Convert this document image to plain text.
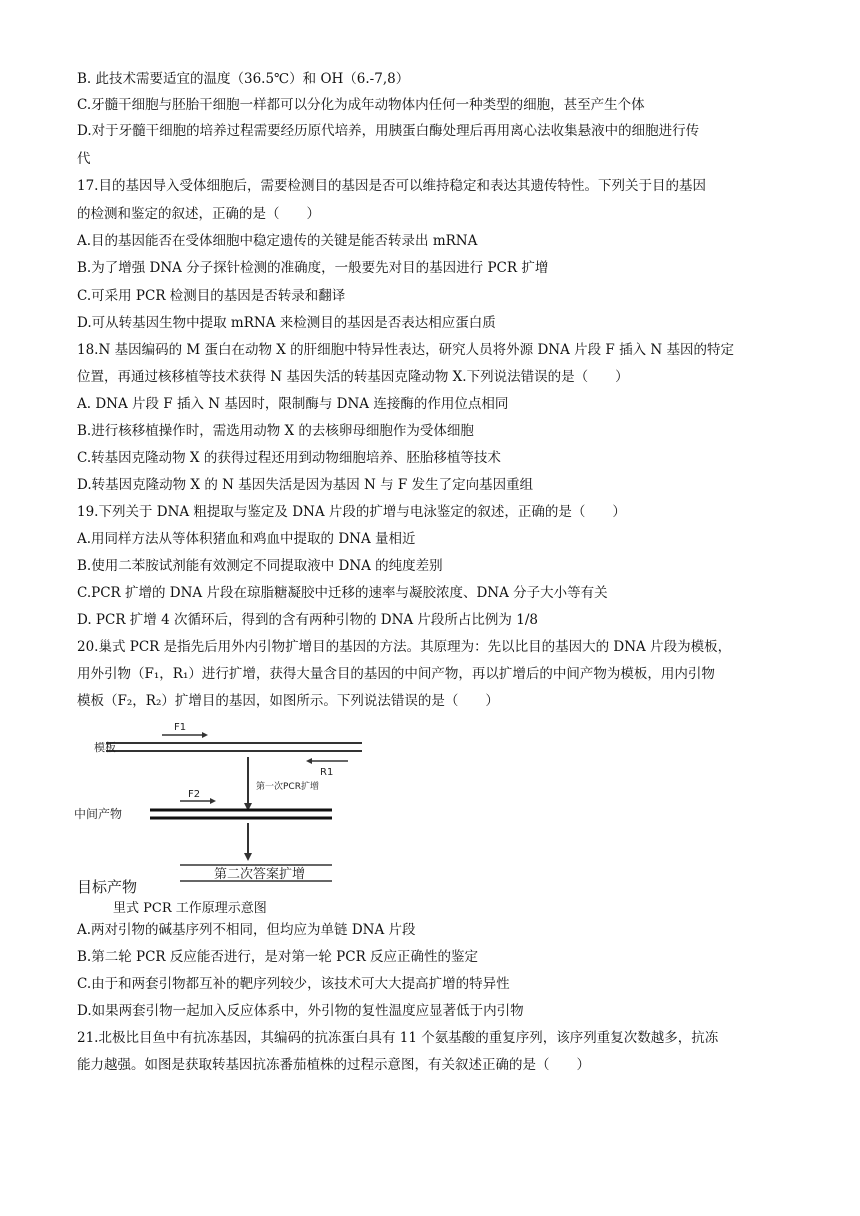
B. 此技术需要适宜的温度（36.5℃）和 OH（6.-7,8）
C.牙髓干细胞与胚胎干细胞一样都可以分化为成年动物体内任何一种类型的细胞，甚至产生个体
D.对于牙髓干细胞的培养过程需要经历原代培养，用胰蛋白酶处理后再用离心法收集悬液中的细胞进行传
代
17.目的基因导入受体细胞后，需要检测目的基因是否可以维持稳定和表达其遗传特性。下列关于目的基因
的检测和鉴定的叙述，正确的是（　　）
A.目的基因能否在受体细胞中稳定遗传的关键是能否转录出 mRNA
B.为了增强 DNA 分子探针检测的准确度，一般要先对目的基因进行 PCR 扩增
C.可采用 PCR 检测目的基因是否转录和翻译
D.可从转基因生物中提取 mRNA 来检测目的基因是否表达相应蛋白质
18.N 基因编码的 M 蛋白在动物 X 的肝细胞中特异性表达，研究人员将外源 DNA 片段 F 插入 N 基因的特定
位置，再通过核移植等技术获得 N 基因失活的转基因克隆动物 X.下列说法错误的是（　　）
A. DNA 片段 F 插入 N 基因时，限制酶与 DNA 连接酶的作用位点相同
B.进行核移植操作时，需选用动物 X 的去核卵母细胞作为受体细胞
C.转基因克隆动物 X 的获得过程还用到动物细胞培养、胚胎移植等技术
D.转基因克隆动物 X 的 N 基因失活是因为基因 N 与 F 发生了定向基因重组
19.下列关于 DNA 粗提取与鉴定及 DNA 片段的扩增与电泳鉴定的叙述，正确的是（　　）
A.用同样方法从等体积猪血和鸡血中提取的 DNA 量相近
B.使用二苯胺试剂能有效测定不同提取液中 DNA 的纯度差别
C.PCR 扩增的 DNA 片段在琼脂糖凝胶中迁移的速率与凝胶浓度、DNA 分子大小等有关
D. PCR 扩增 4 次循环后，得到的含有两种引物的 DNA 片段所占比例为 1/8
20.巢式 PCR 是指先后用外内引物扩增目的基因的方法。其原理为：先以比目的基因大的 DNA 片段为模板，
用外引物（F₁，R₁）进行扩增，获得大量含目的基因的中间产物，再以扩增后的中间产物为模板，用内引物
模板（F₂，R₂）扩增目的基因，如图所示。下列说法错误的是（　　）
模板
F1
R1
第一次PCR扩增
F2
中间产物
第二次答案扩增
目标产物
里式 PCR 工作原理示意图
A.两对引物的碱基序列不相同，但均应为单链 DNA 片段
B.第二轮 PCR 反应能否进行，是对第一轮 PCR 反应正确性的鉴定
C.由于和两套引物都互补的靶序列较少，该技术可大大提高扩增的特异性
D.如果两套引物一起加入反应体系中，外引物的复性温度应显著低于内引物
21.北极比目鱼中有抗冻基因，其编码的抗冻蛋白具有 11 个氨基酸的重复序列，该序列重复次数越多，抗冻
能力越强。如图是获取转基因抗冻番茄植株的过程示意图，有关叙述正确的是（　　）
